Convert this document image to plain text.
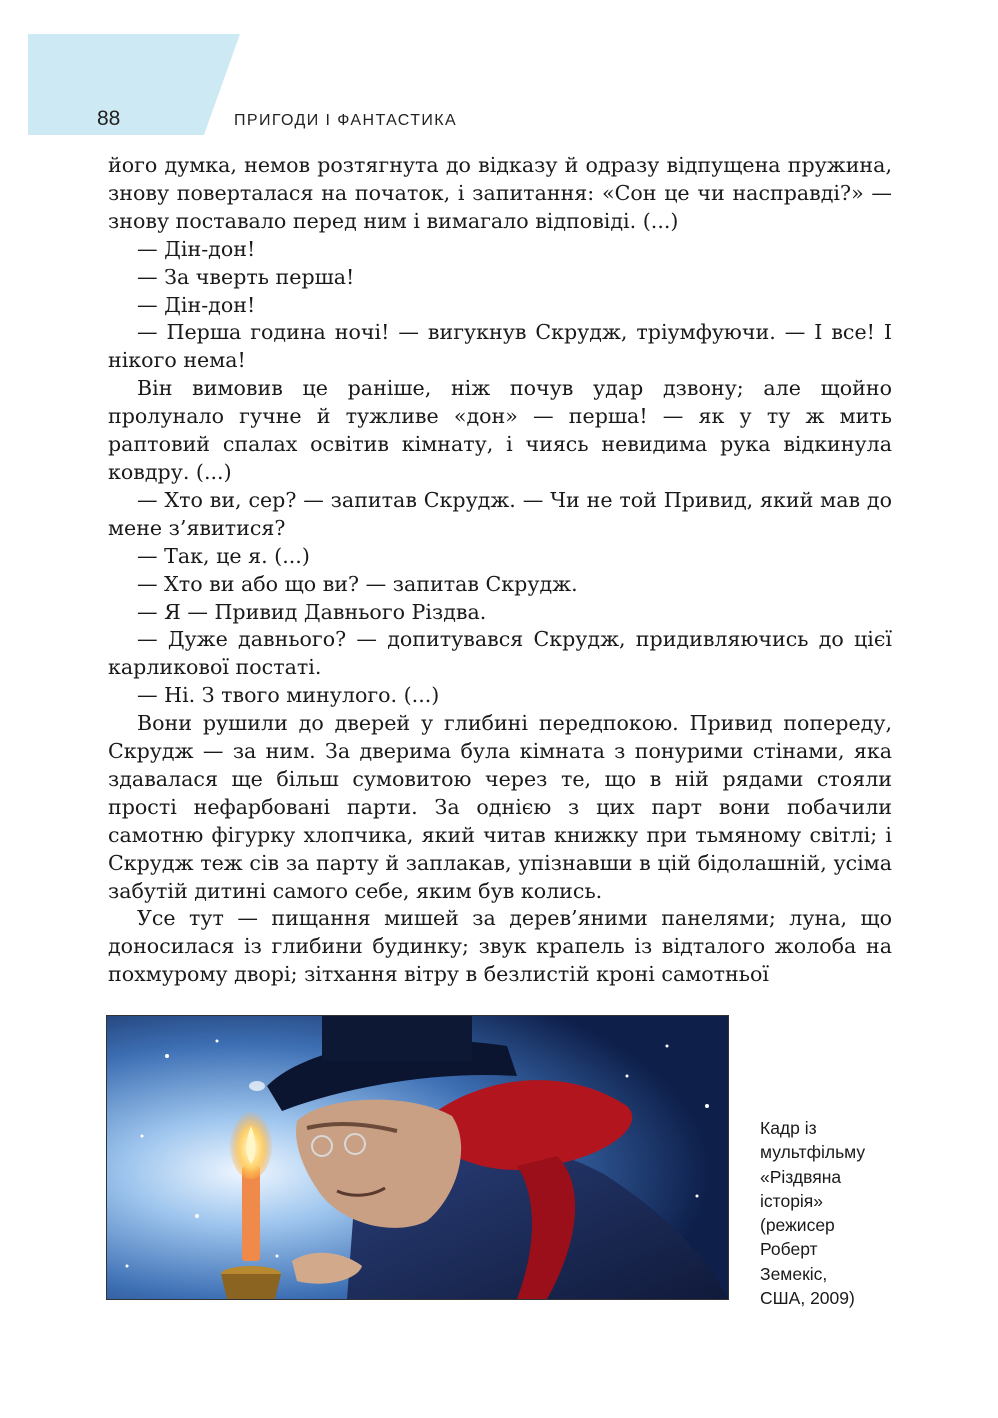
88	ПРИГОДИ І ФАНТАСТИКА

його думка, немов розтягнута до відказу й одразу відпущена пружина, знову поверталася на початок, і запитання: «Сон це чи насправді?» — знову поставало перед ним і вимагало відповіді. (...)

— Дін-дон!

— За чверть перша!

— Дін-дон!

— Перша година ночі! — вигукнув Скрудж, тріумфуючи. — І все! І нікого нема!

Він вимовив це раніше, ніж почув удар дзвону; але щойно пролунало гучне й тужливе «дон» — перша! — як у ту ж мить раптовий спалах освітив кімнату, і чиясь невидима рука відкинула ковдру. (...)

— Хто ви, сер? — запитав Скрудж. — Чи не той Привид, який мав до мене з’явитися?

— Так, це я. (...)

— Хто ви або що ви? — запитав Скрудж.

— Я — Привид Давнього Різдва.

— Дуже давнього? — допитувався Скрудж, придивляючись до цієї карликової постаті.

— Ні. З твого минулого. (...)

Вони рушили до дверей у глибині передпокою. Привид попереду, Скрудж — за ним. За дверима була кімната з понурими стінами, яка здавалася ще більш сумовитою через те, що в ній рядами стояли прості нефарбовані парти. За однією з цих парт вони побачили самотню фігурку хлопчика, який читав книжку при тьмяному світлі; і Скрудж теж сів за парту й заплакав, упізнавши в цій бідолашній, усіма забутій дитині самого себе, яким був колись.

Усе тут — пищання мишей за дерев’яними панелями; луна, що доносилася із глибини будинку; звук крапель із відталого жолоба на похмурому дворі; зітхання вітру в безлистій кроні самотньої

Кадр із
мультфільму
«Різдвяна
історія»
(режисер
Роберт
Земекіс,
США, 2009)
